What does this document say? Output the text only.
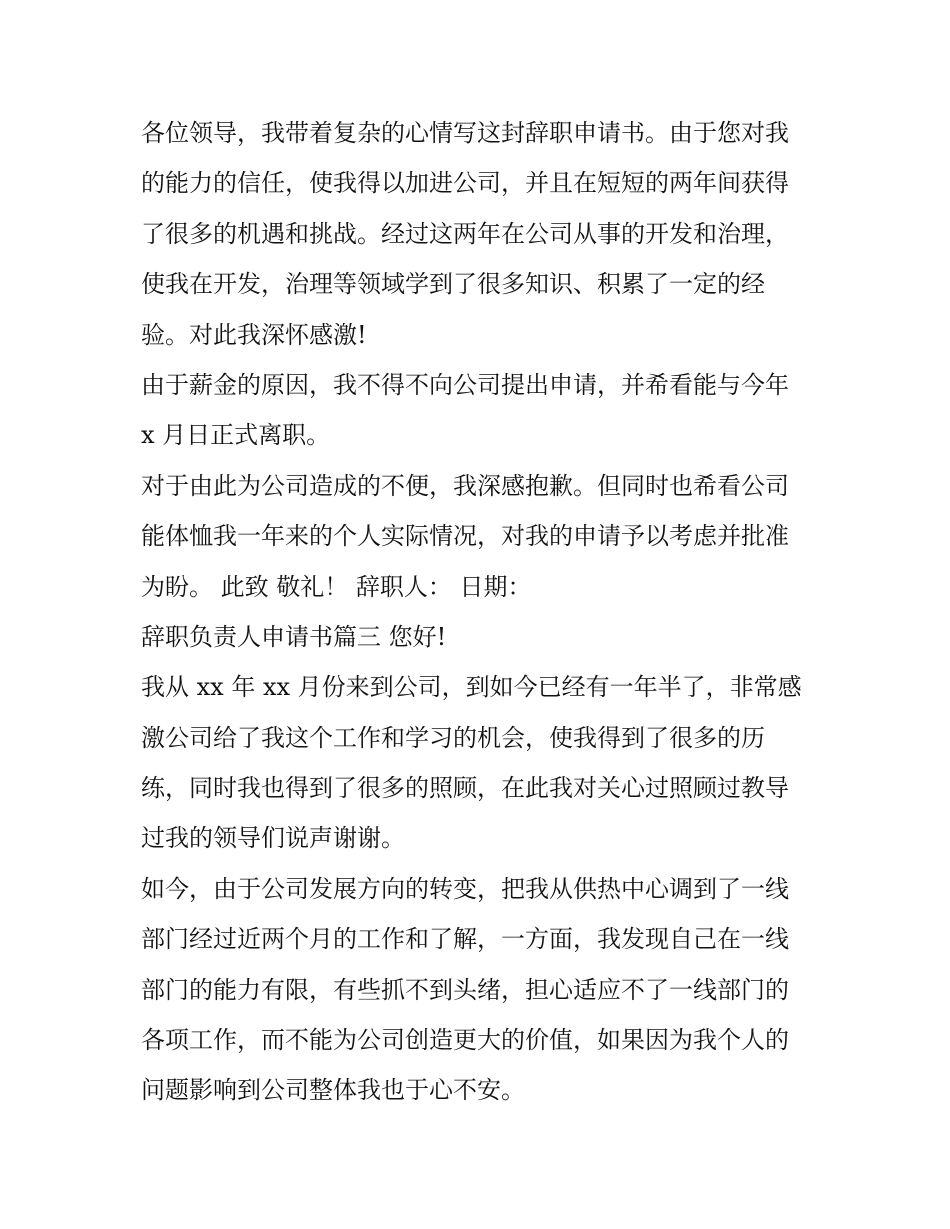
各位领导，我带着复杂的心情写这封辞职申请书。由于您对我
的能力的信任，使我得以加进公司，并且在短短的两年间获得
了很多的机遇和挑战。经过这两年在公司从事的开发和治理，
使我在开发，治理等领域学到了很多知识、积累了一定的经
验。对此我深怀感激!
由于薪金的原因，我不得不向公司提出申请，并希看能与今年
x 月日正式离职。
对于由此为公司造成的不便，我深感抱歉。但同时也希看公司
能体恤我一年来的个人实际情况，对我的申请予以考虑并批准
为盼。 此致 敬礼！ 辞职人： 日期：
辞职负责人申请书篇三 您好!
我从 xx 年 xx 月份来到公司，到如今已经有一年半了，非常感
激公司给了我这个工作和学习的机会，使我得到了很多的历
练，同时我也得到了很多的照顾，在此我对关心过照顾过教导
过我的领导们说声谢谢。
如今，由于公司发展方向的转变，把我从供热中心调到了一线
部门经过近两个月的工作和了解，一方面，我发现自己在一线
部门的能力有限，有些抓不到头绪，担心适应不了一线部门的
各项工作，而不能为公司创造更大的价值，如果因为我个人的
问题影响到公司整体我也于心不安。
